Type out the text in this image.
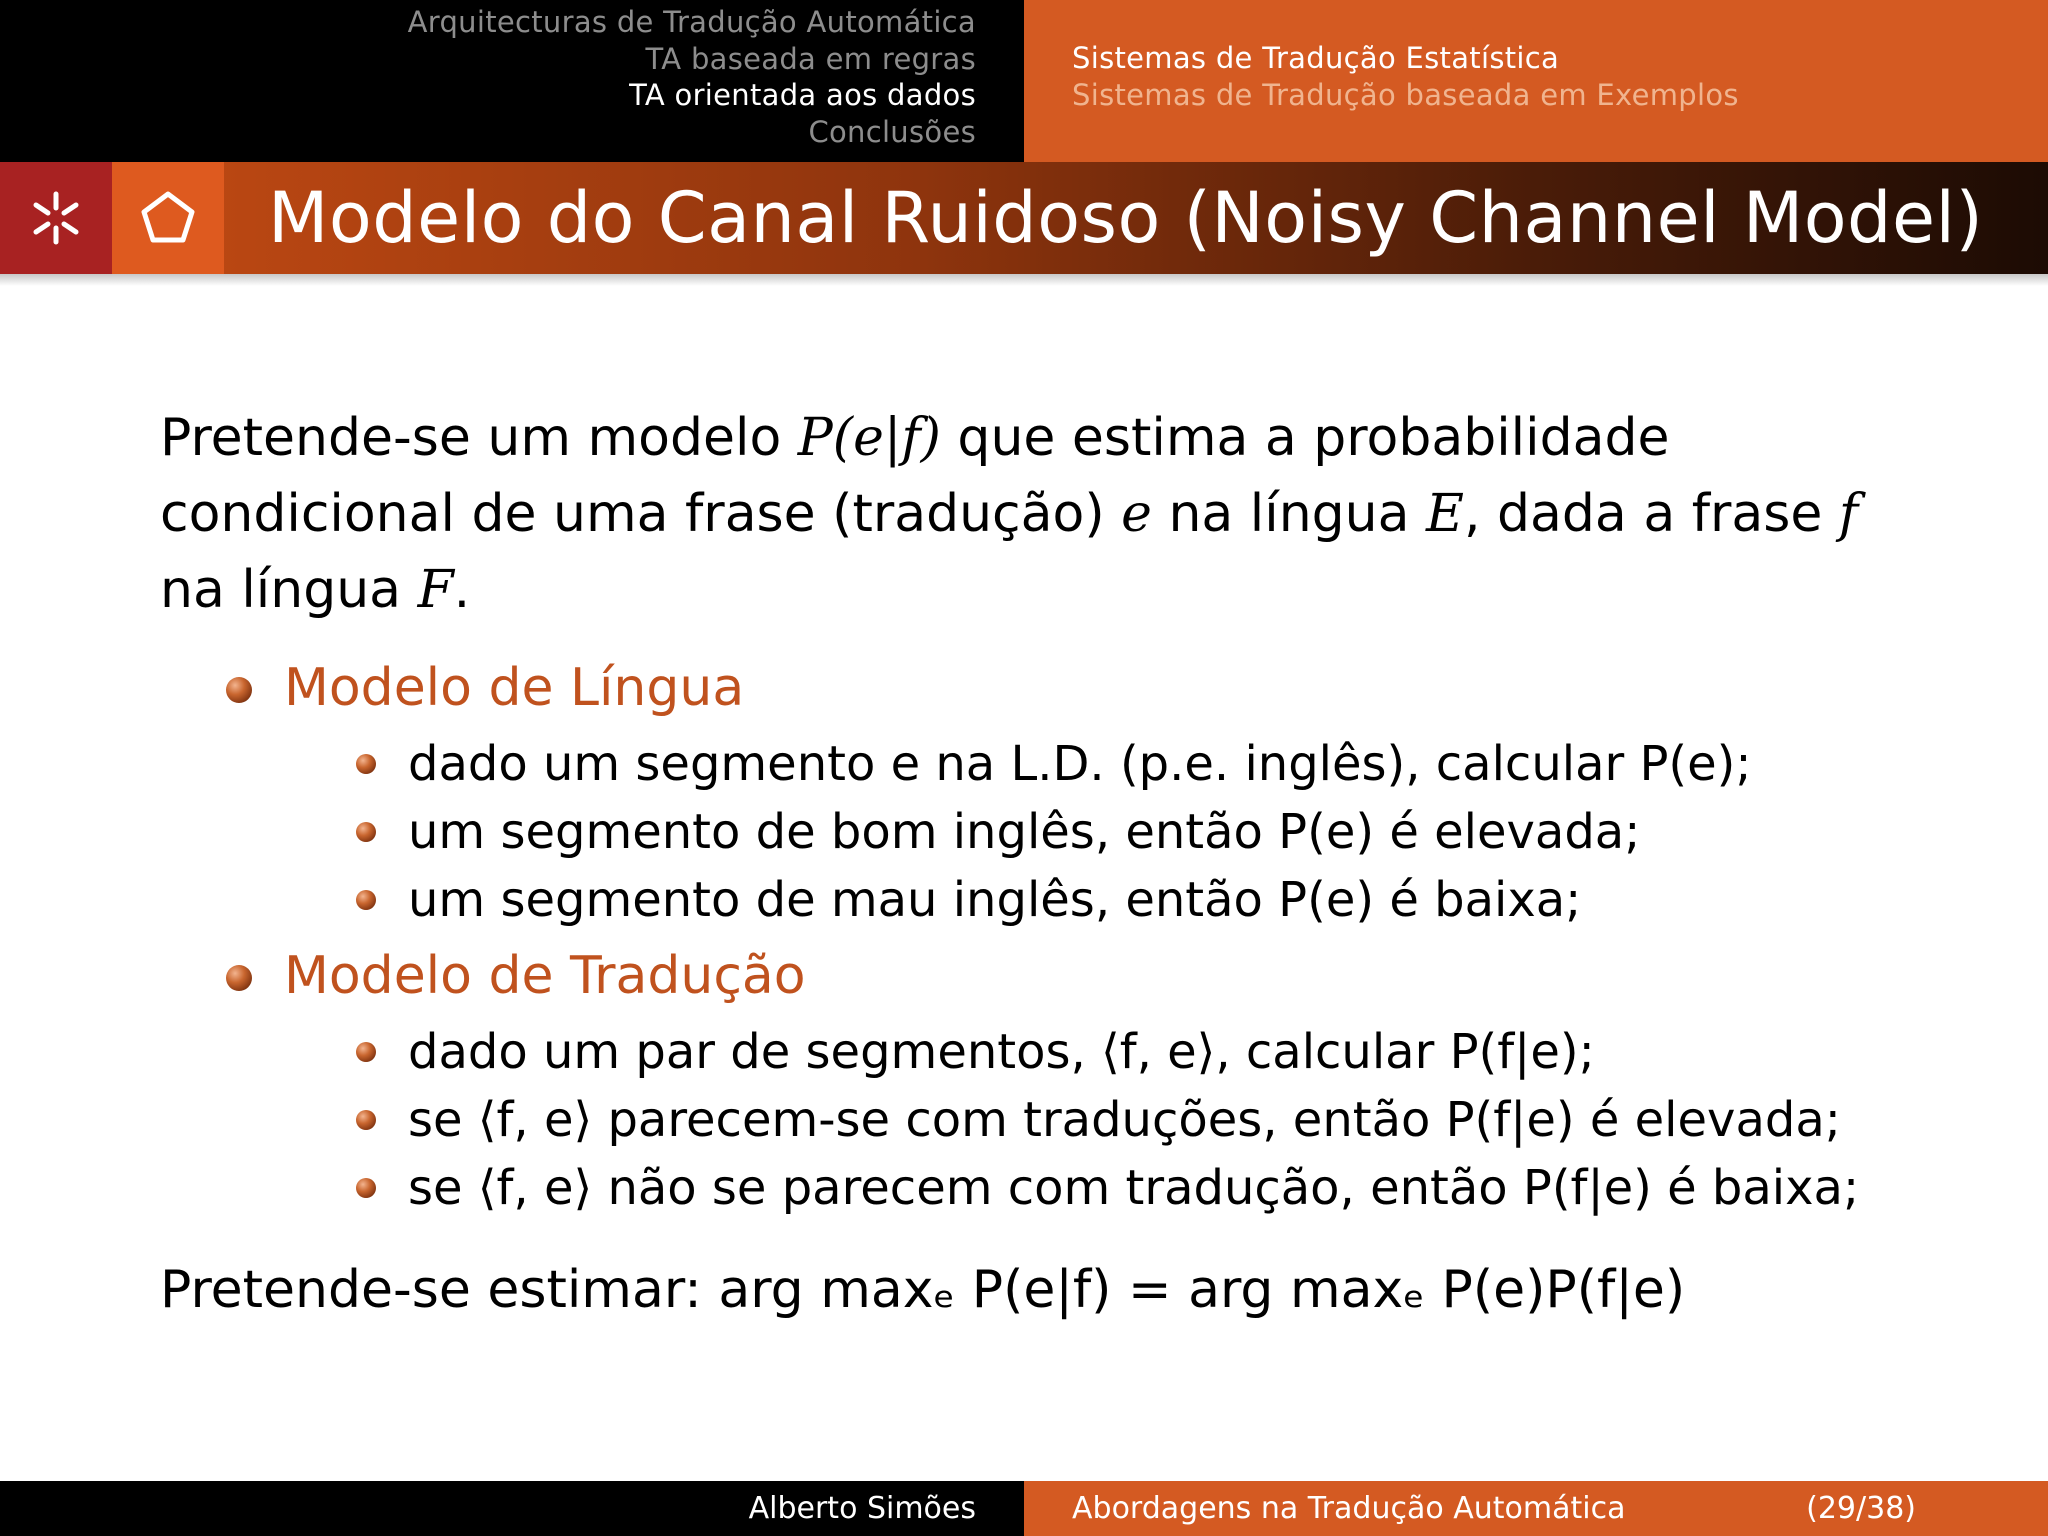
Arquitecturas de Tradução Automática
TA baseada em regras
TA orientada aos dados
Conclusões
Sistemas de Tradução Estatística
Sistemas de Tradução baseada em Exemplos
Modelo do Canal Ruidoso (Noisy Channel Model)

Pretende-se um modelo P(e|f) que estima a probabilidade condicional de uma frase (tradução) e na língua E, dada a frase f na língua F.

Modelo de Língua

dado um segmento e na L.D. (p.e. inglês), calcular P(e);
um segmento de bom inglês, então P(e) é elevada;
um segmento de mau inglês, então P(e) é baixa;

Modelo de Tradução

dado um par de segmentos, ⟨f, e⟩, calcular P(f|e);
se ⟨f, e⟩ parecem-se com traduções, então P(f|e) é elevada;
se ⟨f, e⟩ não se parecem com tradução, então P(f|e) é baixa;

Pretende-se estimar: arg maxₑ P(e|f) = arg maxₑ P(e)P(f|e)

Alberto Simões	Abordagens na Tradução Automática	(29/38)
